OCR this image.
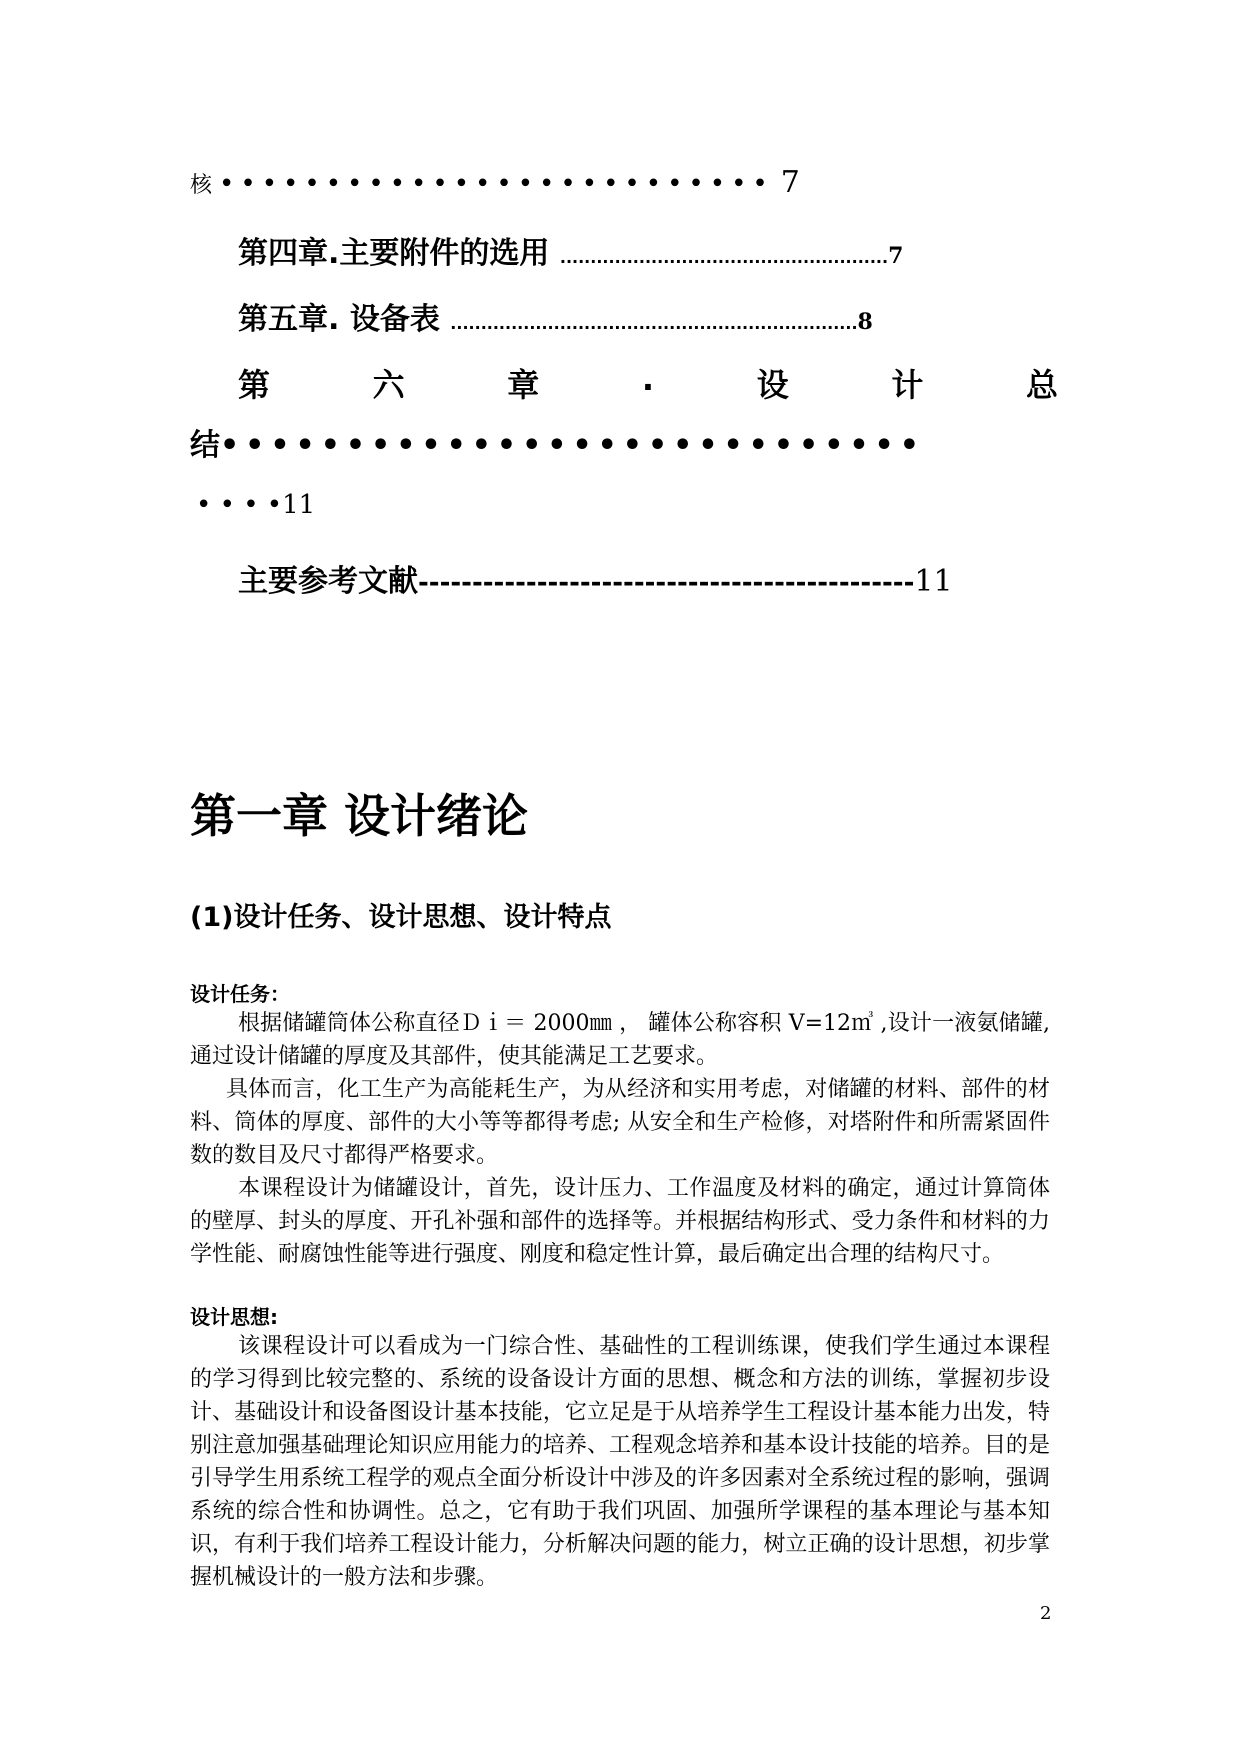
核 •••••••••••••••••••••••••• 7
第四章.主要附件的选用 ......................................................7
第五章. 设备表 ...................................................................8
第	六	章	.	设	计	总
结••••••••••••••••••••••••••••
• • • •11
主要参考文献----------------------------------------------11
第一章 设计绪论
(1)设计任务、设计思想、设计特点
设计任务：
根据储罐筒体公称直径Ｄｉ＝ 2000㎜ ， 罐体公称容积 V=12㎥ ,设计一液氨储罐,通过设计储罐的厚度及其部件，使其能满足工艺要求。
具体而言，化工生产为高能耗生产，为从经济和实用考虑，对储罐的材料、部件的材料、筒体的厚度、部件的大小等等都得考虑; 从安全和生产检修，对塔附件和所需紧固件数的数目及尺寸都得严格要求。
本课程设计为储罐设计，首先，设计压力、工作温度及材料的确定，通过计算筒体的壁厚、封头的厚度、开孔补强和部件的选择等。并根据结构形式、受力条件和材料的力学性能、耐腐蚀性能等进行强度、刚度和稳定性计算，最后确定出合理的结构尺寸。
设计思想:
该课程设计可以看成为一门综合性、基础性的工程训练课，使我们学生通过本课程的学习得到比较完整的、系统的设备设计方面的思想、概念和方法的训练，掌握初步设计、基础设计和设备图设计基本技能，它立足是于从培养学生工程设计基本能力出发，特别注意加强基础理论知识应用能力的培养、工程观念培养和基本设计技能的培养。目的是引导学生用系统工程学的观点全面分析设计中涉及的许多因素对全系统过程的影响，强调系统的综合性和协调性。总之，它有助于我们巩固、加强所学课程的基本理论与基本知识，有利于我们培养工程设计能力，分析解决问题的能力，树立正确的设计思想，初步掌握机械设计的一般方法和步骤。
2
